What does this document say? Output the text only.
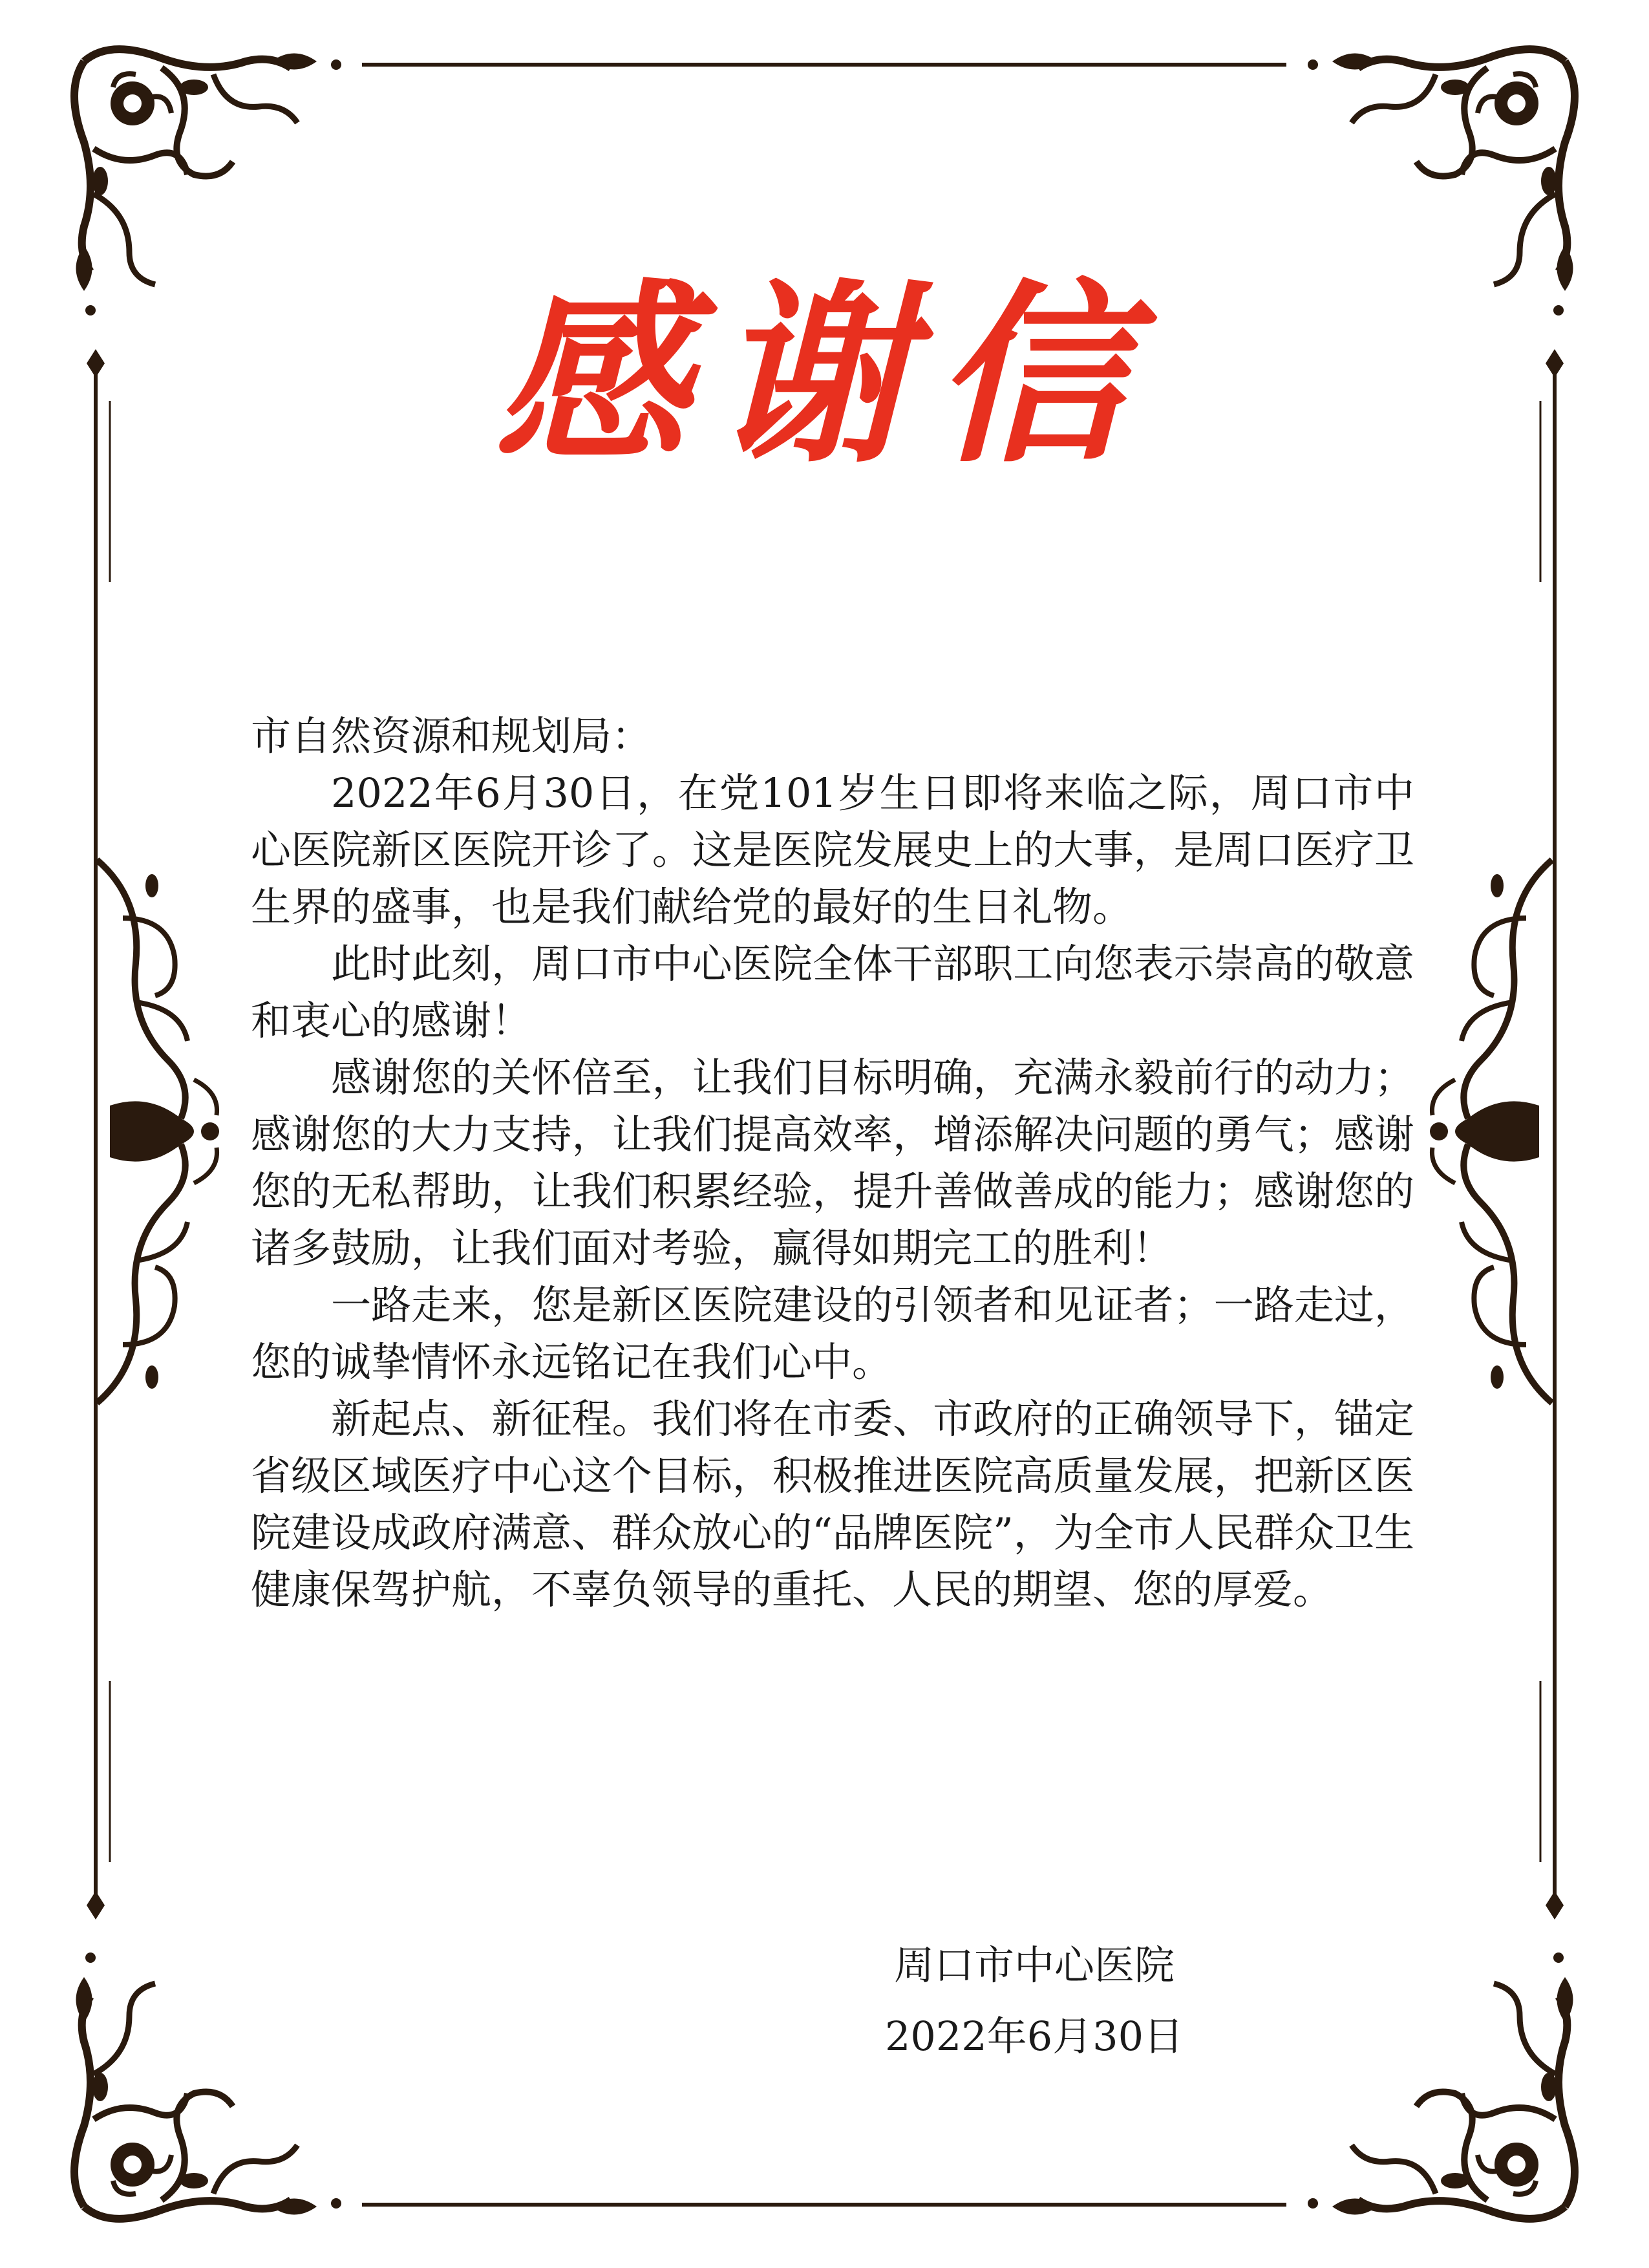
感谢信

市自然资源和规划局：

2022年6月30日，在党101岁生日即将来临之际，周口市中心医院新区医院开诊了。这是医院发展史上的大事，是周口医疗卫生界的盛事，也是我们献给党的最好的生日礼物。

此时此刻，周口市中心医院全体干部职工向您表示崇高的敬意和衷心的感谢！

感谢您的关怀倍至，让我们目标明确，充满永毅前行的动力；感谢您的大力支持，让我们提高效率，增添解决问题的勇气；感谢您的无私帮助，让我们积累经验，提升善做善成的能力；感谢您的诸多鼓励，让我们面对考验，赢得如期完工的胜利！

一路走来，您是新区医院建设的引领者和见证者；一路走过，您的诚挚情怀永远铭记在我们心中。

新起点、新征程。我们将在市委、市政府的正确领导下，锚定省级区域医疗中心这个目标，积极推进医院高质量发展，把新区医院建设成政府满意、群众放心的“品牌医院”，为全市人民群众卫生健康保驾护航，不辜负领导的重托、人民的期望、您的厚爱。

周口市中心医院
2022年6月30日
